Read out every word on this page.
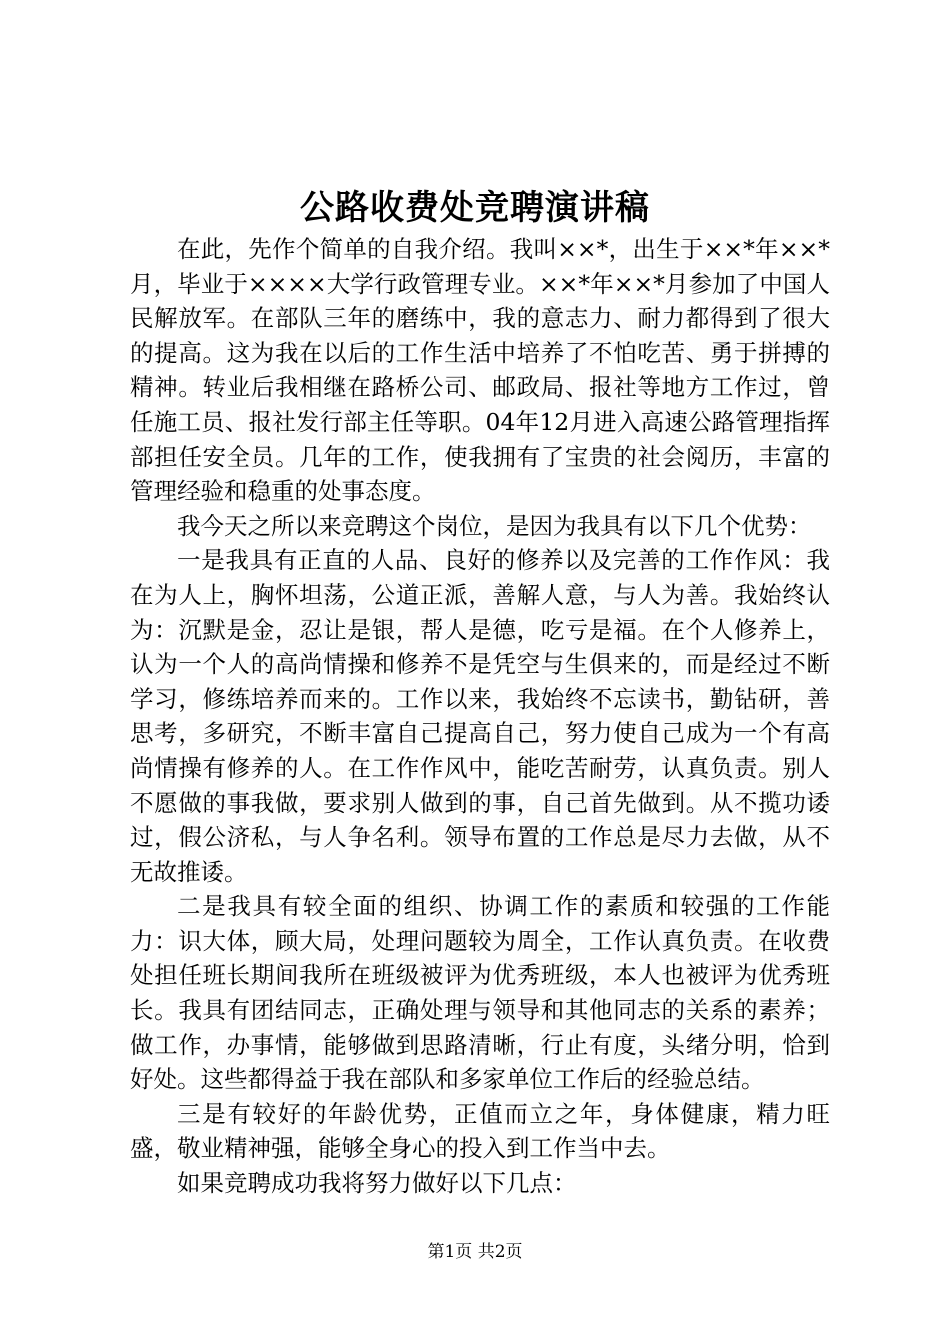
公路收费处竞聘演讲稿

在此，先作个简单的自我介绍。我叫××*，出生于××*年××*月，毕业于××××大学行政管理专业。××*年××*月参加了中国人民解放军。在部队三年的磨练中，我的意志力、耐力都得到了很大的提高。这为我在以后的工作生活中培养了不怕吃苦、勇于拼搏的精神。转业后我相继在路桥公司、邮政局、报社等地方工作过，曾任施工员、报社发行部主任等职。04年12月进入高速公路管理指挥部担任安全员。几年的工作，使我拥有了宝贵的社会阅历，丰富的管理经验和稳重的处事态度。

我今天之所以来竞聘这个岗位，是因为我具有以下几个优势：

一是我具有正直的人品、良好的修养以及完善的工作作风：我在为人上，胸怀坦荡，公道正派，善解人意，与人为善。我始终认为：沉默是金，忍让是银，帮人是德，吃亏是福。在个人修养上，认为一个人的高尚情操和修养不是凭空与生俱来的，而是经过不断学习，修练培养而来的。工作以来，我始终不忘读书，勤钻研，善思考，多研究，不断丰富自己提高自己，努力使自己成为一个有高尚情操有修养的人。在工作作风中，能吃苦耐劳，认真负责。别人不愿做的事我做，要求别人做到的事，自己首先做到。从不揽功诿过，假公济私，与人争名利。领导布置的工作总是尽力去做，从不无故推诿。

二是我具有较全面的组织、协调工作的素质和较强的工作能力：识大体，顾大局，处理问题较为周全，工作认真负责。在收费处担任班长期间我所在班级被评为优秀班级，本人也被评为优秀班长。我具有团结同志，正确处理与领导和其他同志的关系的素养；做工作，办事情，能够做到思路清晰，行止有度，头绪分明，恰到好处。这些都得益于我在部队和多家单位工作后的经验总结。

三是有较好的年龄优势，正值而立之年，身体健康，精力旺盛，敬业精神强，能够全身心的投入到工作当中去。

如果竞聘成功我将努力做好以下几点：

第1页 共2页
